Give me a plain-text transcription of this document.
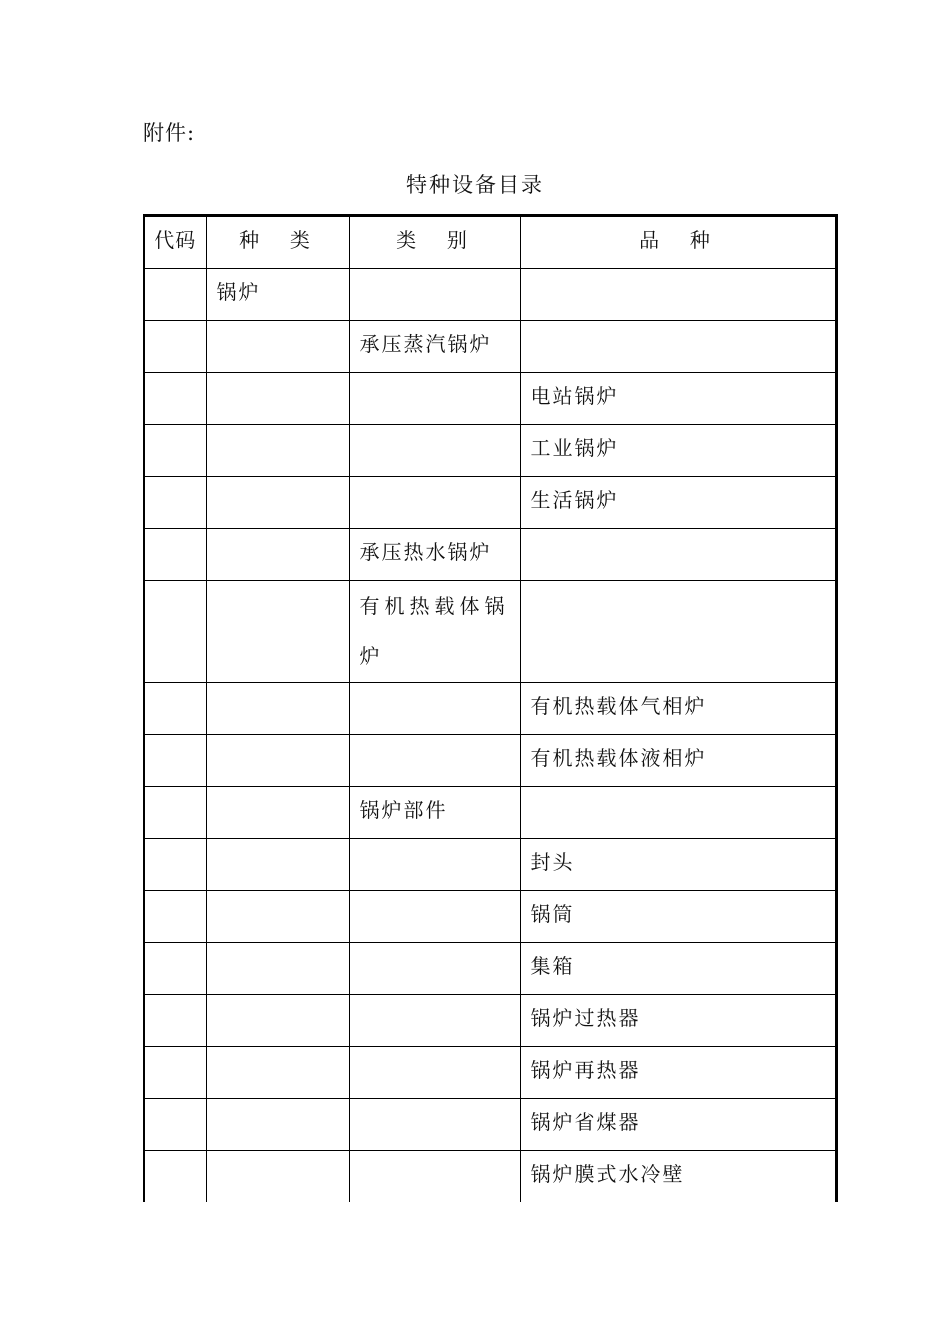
附件:
特种设备目录
代码	种  类	类  别	品  种
	锅炉		
		承压蒸汽锅炉	
			电站锅炉
			工业锅炉
			生活锅炉
		承压热水锅炉	
		有机热载体锅炉	
			有机热载体气相炉
			有机热载体液相炉
		锅炉部件	
			封头
			锅筒
			集箱
			锅炉过热器
			锅炉再热器
			锅炉省煤器
			锅炉膜式水冷壁
